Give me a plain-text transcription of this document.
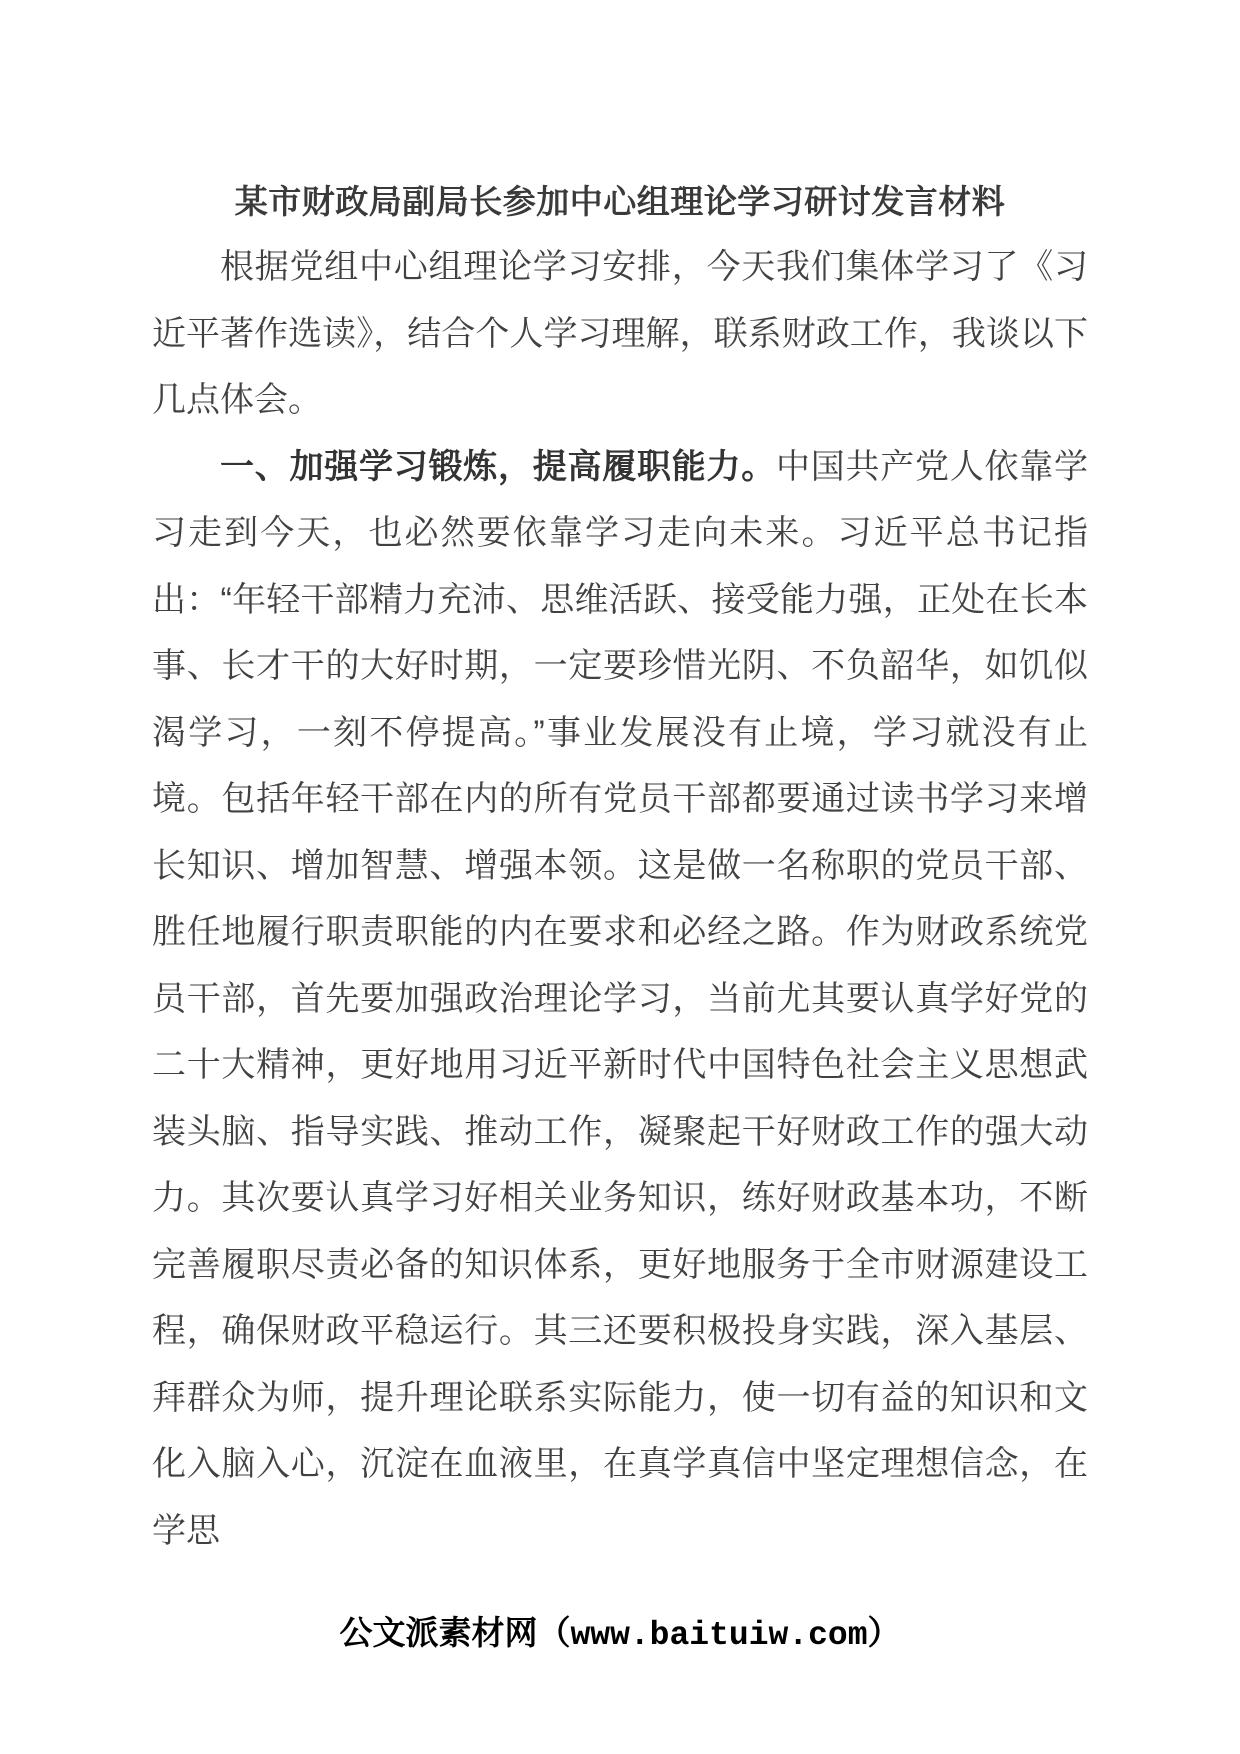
某市财政局副局长参加中心组理论学习研讨发言材料

根据党组中心组理论学习安排，今天我们集体学习了《习近平著作选读》，结合个人学习理解，联系财政工作，我谈以下几点体会。

一、加强学习锻炼，提高履职能力。中国共产党人依靠学习走到今天，也必然要依靠学习走向未来。习近平总书记指出：“年轻干部精力充沛、思维活跃、接受能力强，正处在长本事、长才干的大好时期，一定要珍惜光阴、不负韶华，如饥似渴学习，一刻不停提高。”事业发展没有止境，学习就没有止境。包括年轻干部在内的所有党员干部都要通过读书学习来增长知识、增加智慧、增强本领。这是做一名称职的党员干部、胜任地履行职责职能的内在要求和必经之路。作为财政系统党员干部，首先要加强政治理论学习，当前尤其要认真学好党的二十大精神，更好地用习近平新时代中国特色社会主义思想武装头脑、指导实践、推动工作，凝聚起干好财政工作的强大动力。其次要认真学习好相关业务知识，练好财政基本功，不断完善履职尽责必备的知识体系，更好地服务于全市财源建设工程，确保财政平稳运行。其三还要积极投身实践，深入基层、拜群众为师，提升理论联系实际能力，使一切有益的知识和文化入脑入心，沉淀在血液里，在真学真信中坚定理想信念，在学思

公文派素材网（www.baituiw.com）
